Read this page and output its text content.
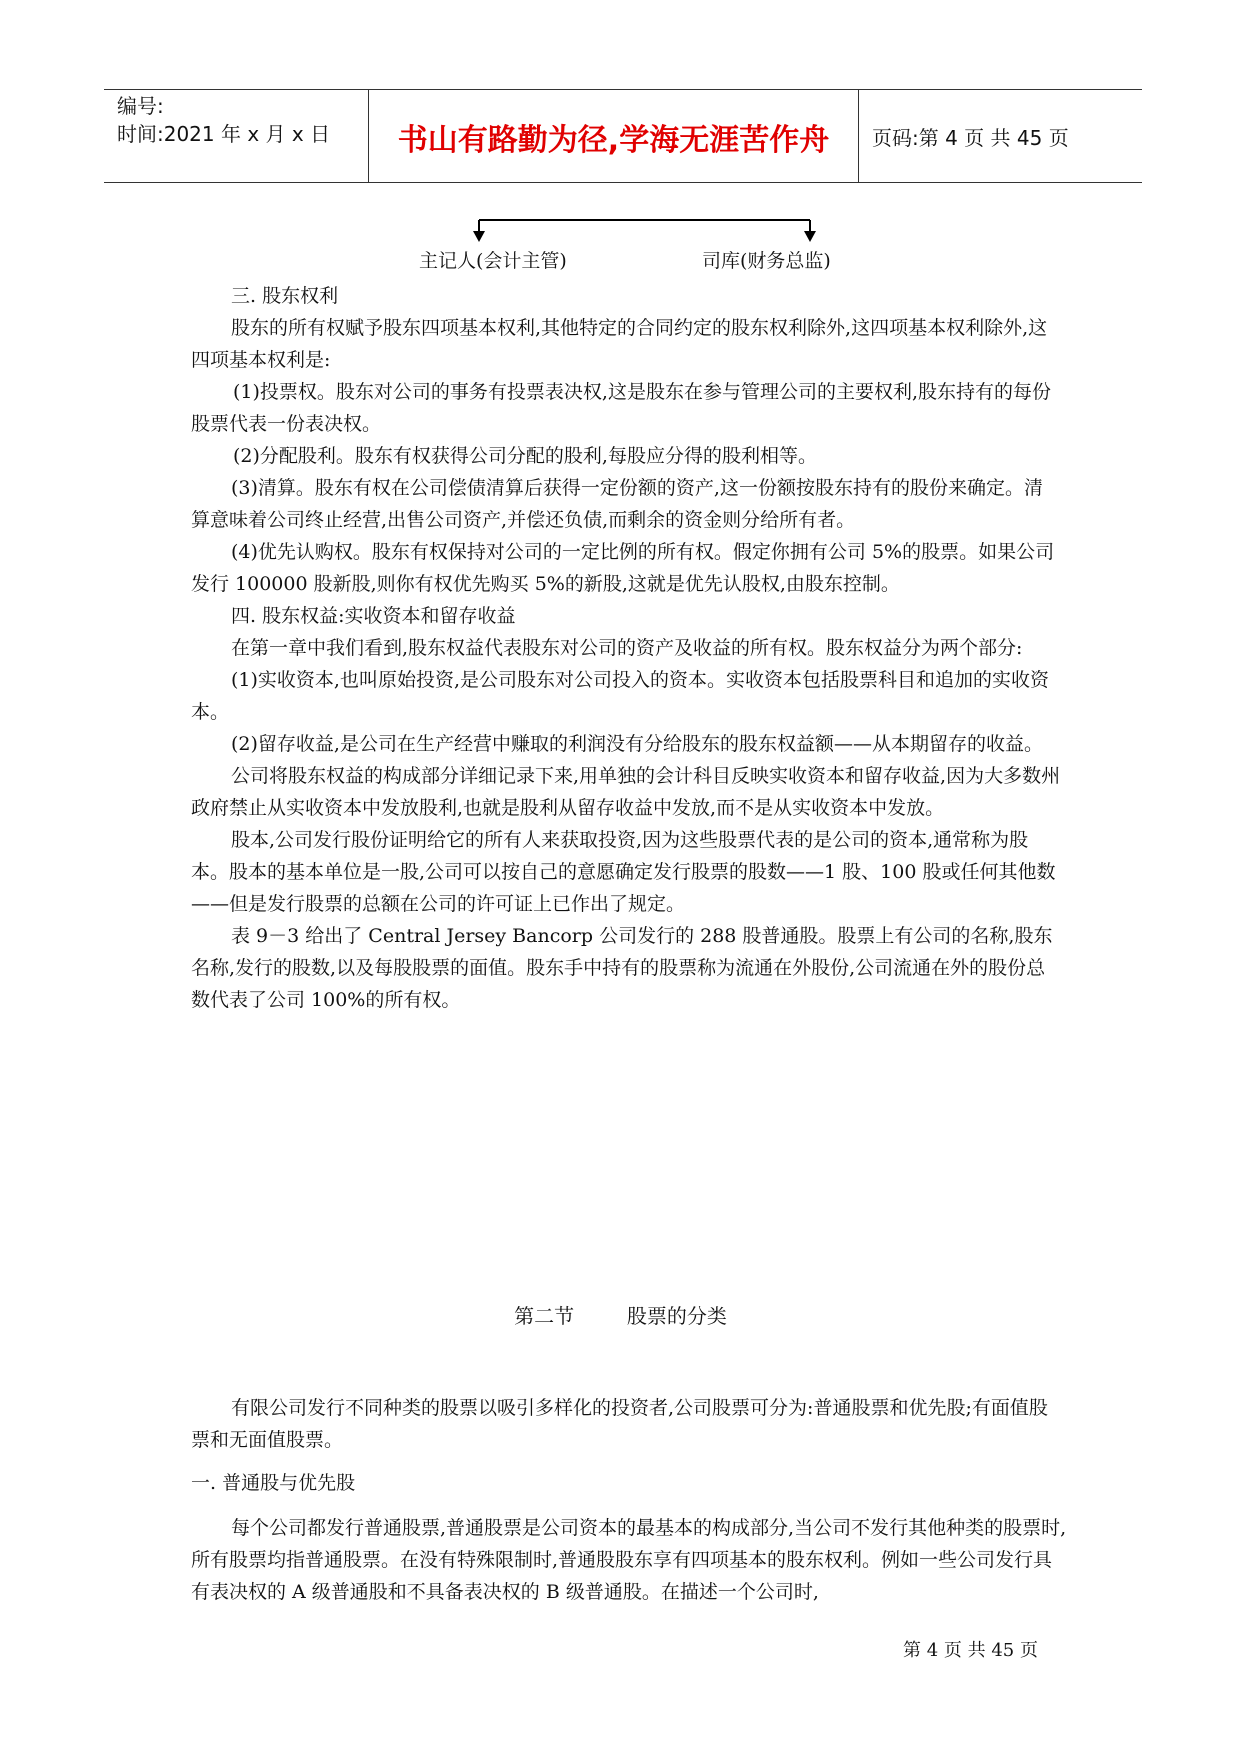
编号:
时间:2021 年 x 月 x 日	书山有路勤为径,学海无涯苦作舟	页码:第 4 页 共 45 页
主记人(会计主管)	司库(财务总监)

三. 股东权利

股东的所有权赋予股东四项基本权利,其他特定的合同约定的股东权利除外,这四项基本权利除外,这四项基本权利是:

(1)投票权。股东对公司的事务有投票表决权,这是股东在参与管理公司的主要权利,股东持有的每份股票代表一份表决权。

(2)分配股利。股东有权获得公司分配的股利,每股应分得的股利相等。

(3)清算。股东有权在公司偿债清算后获得一定份额的资产,这一份额按股东持有的股份来确定。清算意味着公司终止经营,出售公司资产,并偿还负债,而剩余的资金则分给所有者。

(4)优先认购权。股东有权保持对公司的一定比例的所有权。假定你拥有公司 5%的股票。如果公司发行 100000 股新股,则你有权优先购买 5%的新股,这就是优先认股权,由股东控制。

四. 股东权益:实收资本和留存收益

在第一章中我们看到,股东权益代表股东对公司的资产及收益的所有权。股东权益分为两个部分:

(1)实收资本,也叫原始投资,是公司股东对公司投入的资本。实收资本包括股票科目和追加的实收资本。

(2)留存收益,是公司在生产经营中赚取的利润没有分给股东的股东权益额——从本期留存的收益。

公司将股东权益的构成部分详细记录下来,用单独的会计科目反映实收资本和留存收益,因为大多数州政府禁止从实收资本中发放股利,也就是股利从留存收益中发放,而不是从实收资本中发放。

股本,公司发行股份证明给它的所有人来获取投资,因为这些股票代表的是公司的资本,通常称为股本。股本的基本单位是一股,公司可以按自己的意愿确定发行股票的股数——1 股、100 股或任何其他数——但是发行股票的总额在公司的许可证上已作出了规定。

表 9－3 给出了 Central Jersey Bancorp 公司发行的 288 股普通股。股票上有公司的名称,股东名称,发行的股数,以及每股股票的面值。股东手中持有的股票称为流通在外股份,公司流通在外的股份总数代表了公司 100%的所有权。

第二节	股票的分类

有限公司发行不同种类的股票以吸引多样化的投资者,公司股票可分为:普通股票和优先股;有面值股票和无面值股票。

一. 普通股与优先股

每个公司都发行普通股票,普通股票是公司资本的最基本的构成部分,当公司不发行其他种类的股票时,所有股票均指普通股票。在没有特殊限制时,普通股股东享有四项基本的股东权利。例如一些公司发行具有表决权的 A 级普通股和不具备表决权的 B 级普通股。在描述一个公司时,

第 4 页 共 45 页
